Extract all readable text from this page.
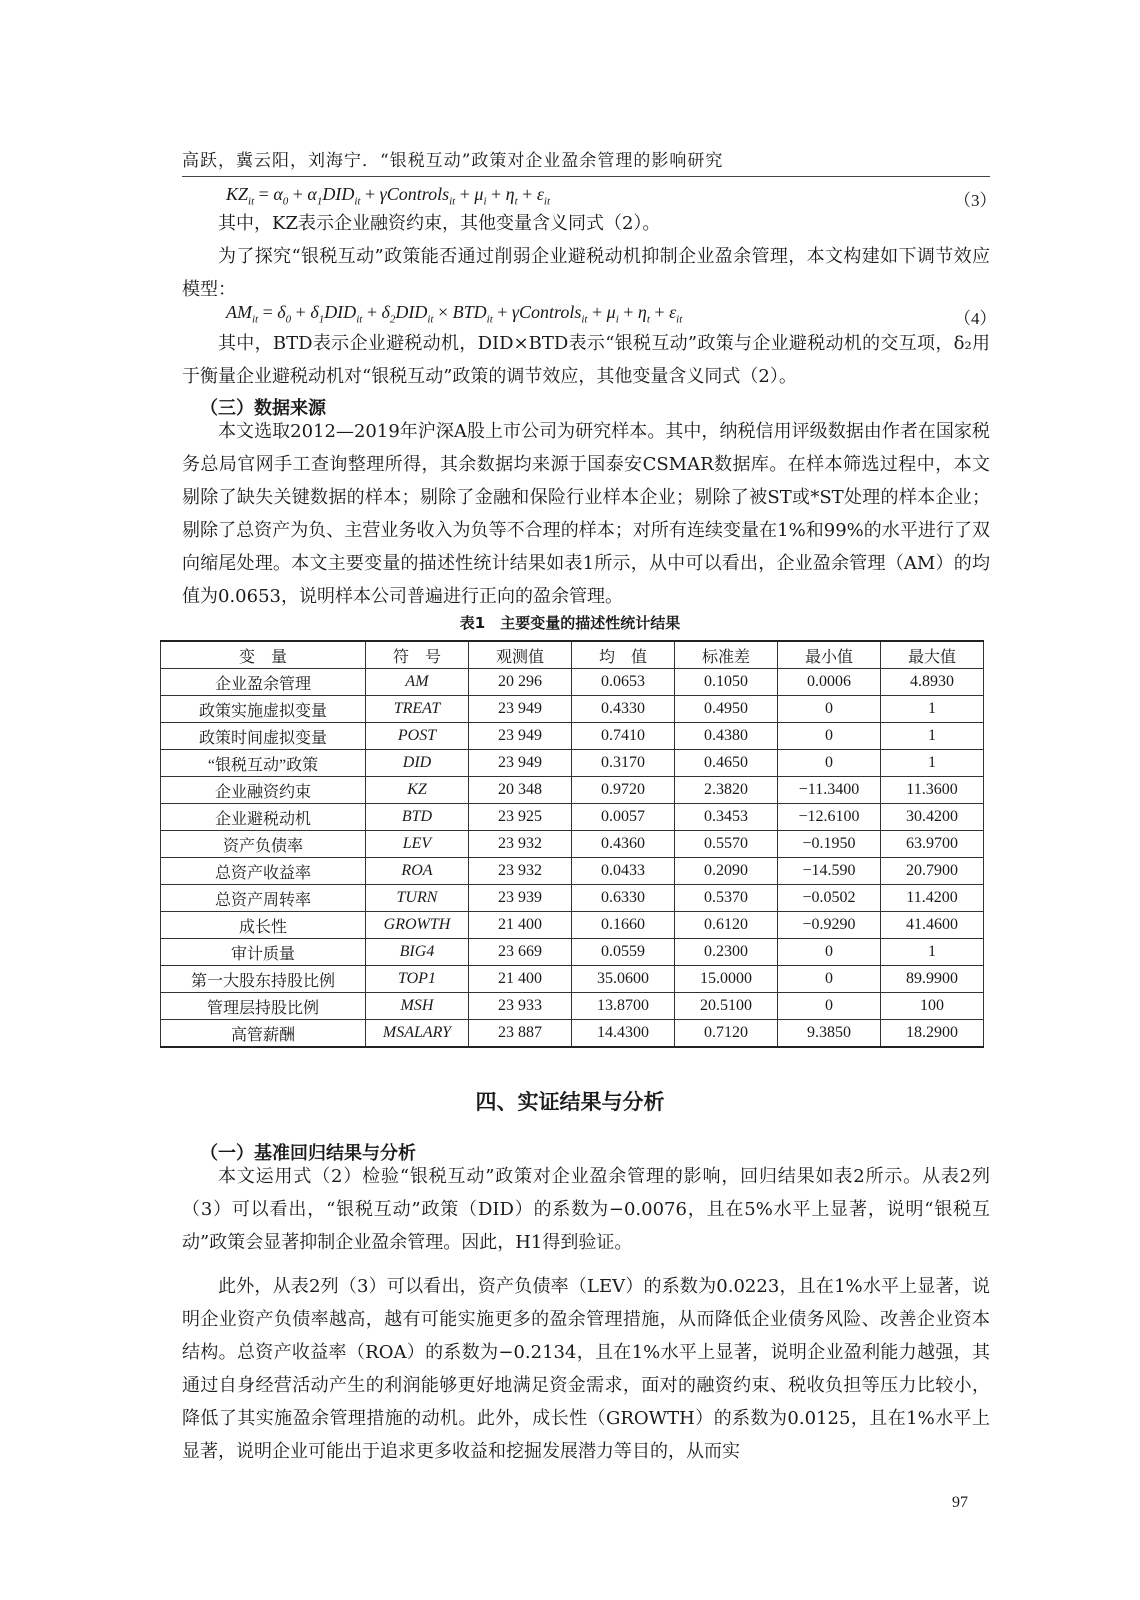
高跃，冀云阳，刘海宁．“银税互动”政策对企业盈余管理的影响研究
$KZ_{it} = \alpha_0 + \alpha_1DID_{it}$ + γControls$_{it}$ + $\mu_i + \eta_t + \varepsilon_{it}$	（3）

其中，KZ表示企业融资约束，其他变量含义同式（2）。

为了探究“银税互动”政策能否通过削弱企业避税动机抑制企业盈余管理，本文构建如下调节效应模型：

$AM_{it} = \delta_0 + \delta_1DID_{it} + \delta_2DID_{it} \times BTD_{it}$ + γControls$_{it}$ + $\mu_i + \eta_t + \varepsilon_{it}$	（4）

其中，BTD表示企业避税动机，DID×BTD表示“银税互动”政策与企业避税动机的交互项，δ₂用于衡量企业避税动机对“银税互动”政策的调节效应，其他变量含义同式（2）。

（三）数据来源

本文选取2012—2019年沪深A股上市公司为研究样本。其中，纳税信用评级数据由作者在国家税务总局官网手工查询整理所得，其余数据均来源于国泰安CSMAR数据库。在样本筛选过程中，本文剔除了缺失关键数据的样本；剔除了金融和保险行业样本企业；剔除了被ST或*ST处理的样本企业；剔除了总资产为负、主营业务收入为负等不合理的样本；对所有连续变量在1%和99%的水平进行了双向缩尾处理。本文主要变量的描述性统计结果如表1所示，从中可以看出，企业盈余管理（AM）的均值为0.0653，说明样本公司普遍进行正向的盈余管理。

表1　主要变量的描述性统计结果
变　量	符　号	观测值	均　值	标准差	最小值	最大值
企业盈余管理	AM	20 296	0.0653	0.1050	0.0006	4.8930
政策实施虚拟变量	TREAT	23 949	0.4330	0.4950	0	1
政策时间虚拟变量	POST	23 949	0.7410	0.4380	0	1
“银税互动”政策	DID	23 949	0.3170	0.4650	0	1
企业融资约束	KZ	20 348	0.9720	2.3820	−11.3400	11.3600
企业避税动机	BTD	23 925	0.0057	0.3453	−12.6100	30.4200
资产负债率	LEV	23 932	0.4360	0.5570	−0.1950	63.9700
总资产收益率	ROA	23 932	0.0433	0.2090	−14.590	20.7900
总资产周转率	TURN	23 939	0.6330	0.5370	−0.0502	11.4200
成长性	GROWTH	21 400	0.1660	0.6120	−0.9290	41.4600
审计质量	BIG4	23 669	0.0559	0.2300	0	1
第一大股东持股比例	TOP1	21 400	35.0600	15.0000	0	89.9900
管理层持股比例	MSH	23 933	13.8700	20.5100	0	100
高管薪酬	MSALARY	23 887	14.4300	0.7120	9.3850	18.2900
四、实证结果与分析
（一）基准回归结果与分析

本文运用式（2）检验“银税互动”政策对企业盈余管理的影响，回归结果如表2所示。从表2列（3）可以看出，“银税互动”政策（DID）的系数为−0.0076，且在5%水平上显著，说明“银税互动”政策会显著抑制企业盈余管理。因此，H1得到验证。

此外，从表2列（3）可以看出，资产负债率（LEV）的系数为0.0223，且在1%水平上显著，说明企业资产负债率越高，越有可能实施更多的盈余管理措施，从而降低企业债务风险、改善企业资本结构。总资产收益率（ROA）的系数为−0.2134，且在1%水平上显著，说明企业盈利能力越强，其通过自身经营活动产生的利润能够更好地满足资金需求，面对的融资约束、税收负担等压力比较小，降低了其实施盈余管理措施的动机。此外，成长性（GROWTH）的系数为0.0125，且在1%水平上显著，说明企业可能出于追求更多收益和挖掘发展潜力等目的，从而实

97
